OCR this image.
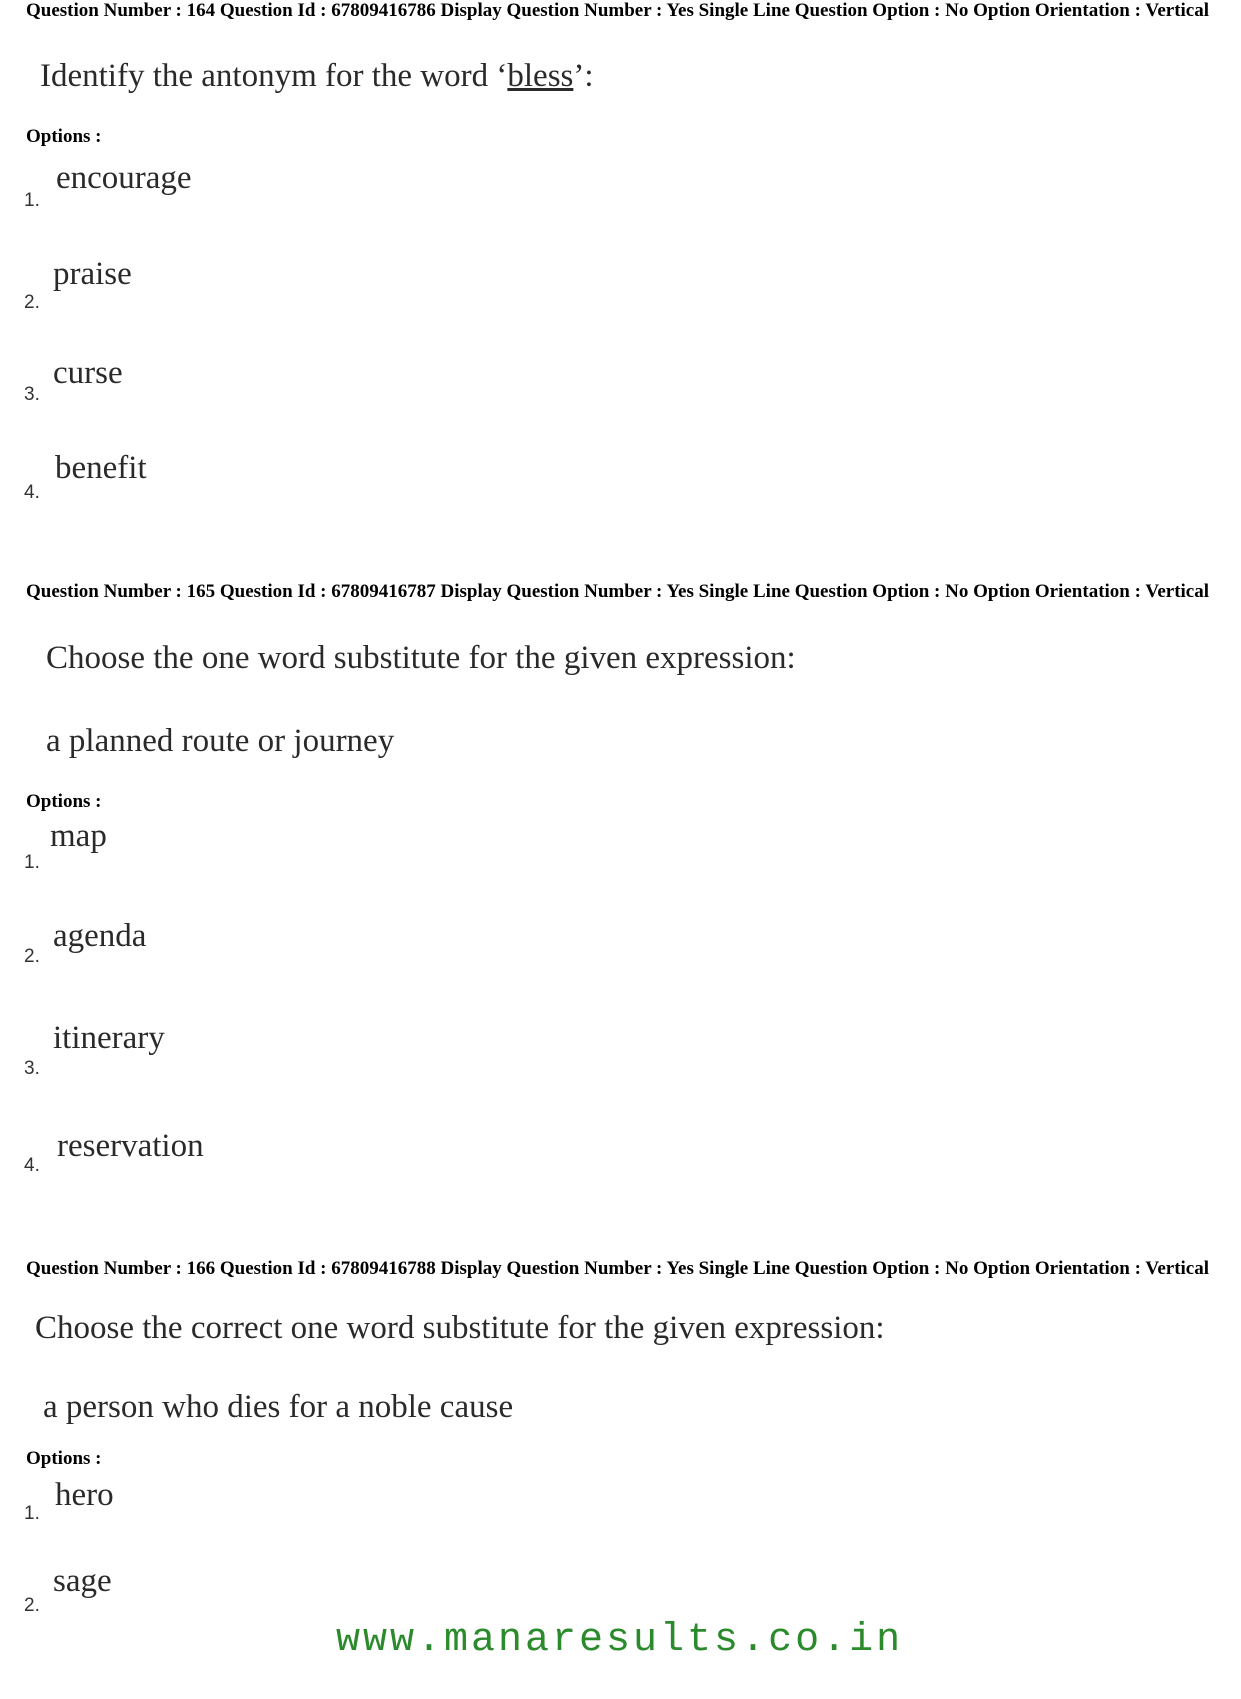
Question Number : 164 Question Id : 67809416786 Display Question Number : Yes Single Line Question Option : No Option Orientation : Vertical
Identify the antonym for the word ‘bless’:
Options :
1.
encourage
2.
praise
3.
curse
4.
benefit
Question Number : 165 Question Id : 67809416787 Display Question Number : Yes Single Line Question Option : No Option Orientation : Vertical
Choose the one word substitute for the given expression:
a planned route or journey
Options :
1.
map
2.
agenda
3.
itinerary
4.
reservation
Question Number : 166 Question Id : 67809416788 Display Question Number : Yes Single Line Question Option : No Option Orientation : Vertical
Choose the correct one word substitute for the given expression:
a person who dies for a noble cause
Options :
1.
hero
2.
sage
www.manaresults.co.in
